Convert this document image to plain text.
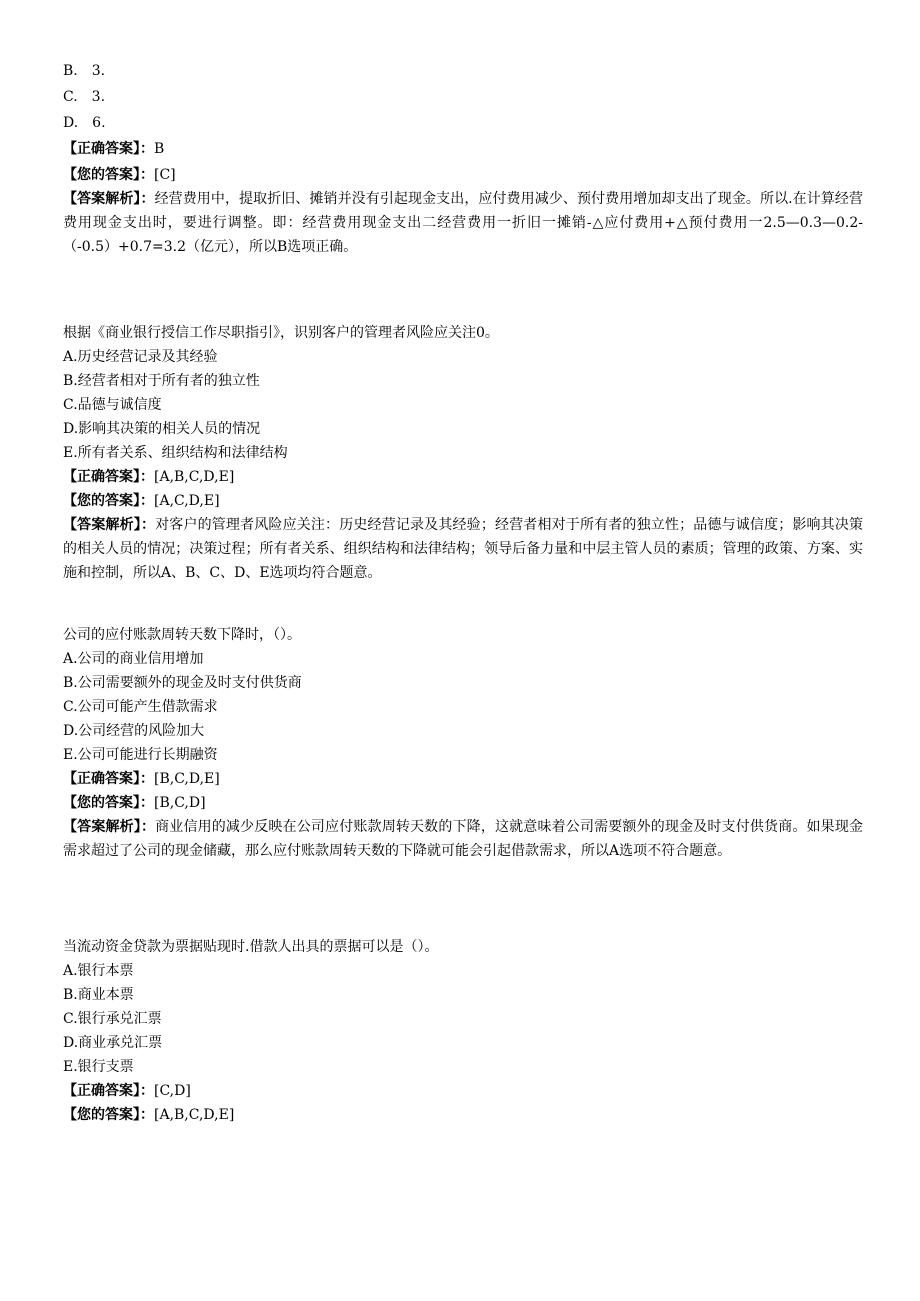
B.　3.
C.　3.
D.　6.
【正确答案】：B
【您的答案】：[C]
【答案解析】：经营费用中，提取折旧、摊销并没有引起现金支出，应付费用减少、预付费用增加却支出了现金。所以.在计算经营费用现金支出时，要进行调整。即：经营费用现金支出二经营费用一折旧一摊销-△应付费用+△预付费用一2.5—0.3—0.2-（-0.5）+0.7=3.2（亿元），所以B选项正确。
根据《商业银行授信工作尽职指引》，识别客户的管理者风险应关注0。
A.历史经营记录及其经验
B.经营者相对于所有者的独立性
C.品德与诚信度
D.影响其决策的相关人员的情况
E.所有者关系、组织结构和法律结构
【正确答案】：[A,B,C,D,E]
【您的答案】：[A,C,D,E]
【答案解析】：对客户的管理者风险应关注：历史经营记录及其经验；经营者相对于所有者的独立性；品德与诚信度；影响其决策的相关人员的情况；决策过程；所有者关系、组织结构和法律结构；领导后备力量和中层主管人员的素质；管理的政策、方案、实施和控制，所以A、B、C、D、E选项均符合题意。
公司的应付账款周转天数下降时，（）。
A.公司的商业信用增加
B.公司需要额外的现金及时支付供货商
C.公司可能产生借款需求
D.公司经营的风险加大
E.公司可能进行长期融资
【正确答案】：[B,C,D,E]
【您的答案】：[B,C,D]
【答案解析】：商业信用的减少反映在公司应付账款周转天数的下降，这就意味着公司需要额外的现金及时支付供货商。如果现金需求超过了公司的现金储藏，那么应付账款周转天数的下降就可能会引起借款需求，所以A选项不符合题意。
当流动资金贷款为票据贴现时.借款人出具的票据可以是（）。
A.银行本票
B.商业本票
C.银行承兑汇票
D.商业承兑汇票
E.银行支票
【正确答案】：[C,D]
【您的答案】：[A,B,C,D,E]
